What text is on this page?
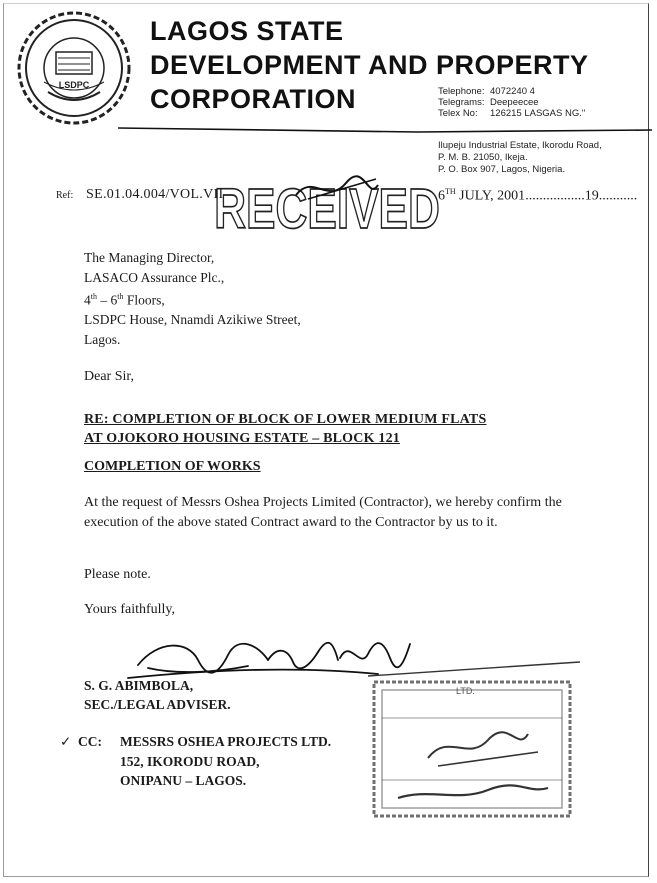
LSDPC
LAGOS STATE
DEVELOPMENT AND PROPERTY
CORPORATION	Telephone: 4072240 4
Telegrams: Deepeecee
Telex No: 126215 LASGAS NG."
Ilupeju Industrial Estate, Ikorodu Road,
P. M. B. 21050, Ikeja.
P. O. Box 907, Lagos, Nigeria.
RECEIVED
Ref: SE.01.04.004/VOL.VII	6TH JULY, 2001.................19...........
The Managing Director,
LASACO Assurance Plc.,
4th – 6th Floors,
LSDPC House, Nnamdi Azikiwe Street,
Lagos.
Dear Sir,
RE: COMPLETION OF BLOCK OF LOWER MEDIUM FLATS
AT OJOKORO HOUSING ESTATE – BLOCK 121
COMPLETION OF WORKS
At the request of Messrs Oshea Projects Limited (Contractor), we hereby confirm the execution of the above stated Contract award to the Contractor by us to it.
Please note.
Yours faithfully,
S. G. ABIMBOLA,
SEC./LEGAL ADVISER.
✓ CC: MESSRS OSHEA PROJECTS LTD.
152, IKORODU ROAD,
ONIPANU – LAGOS.
LTD.
